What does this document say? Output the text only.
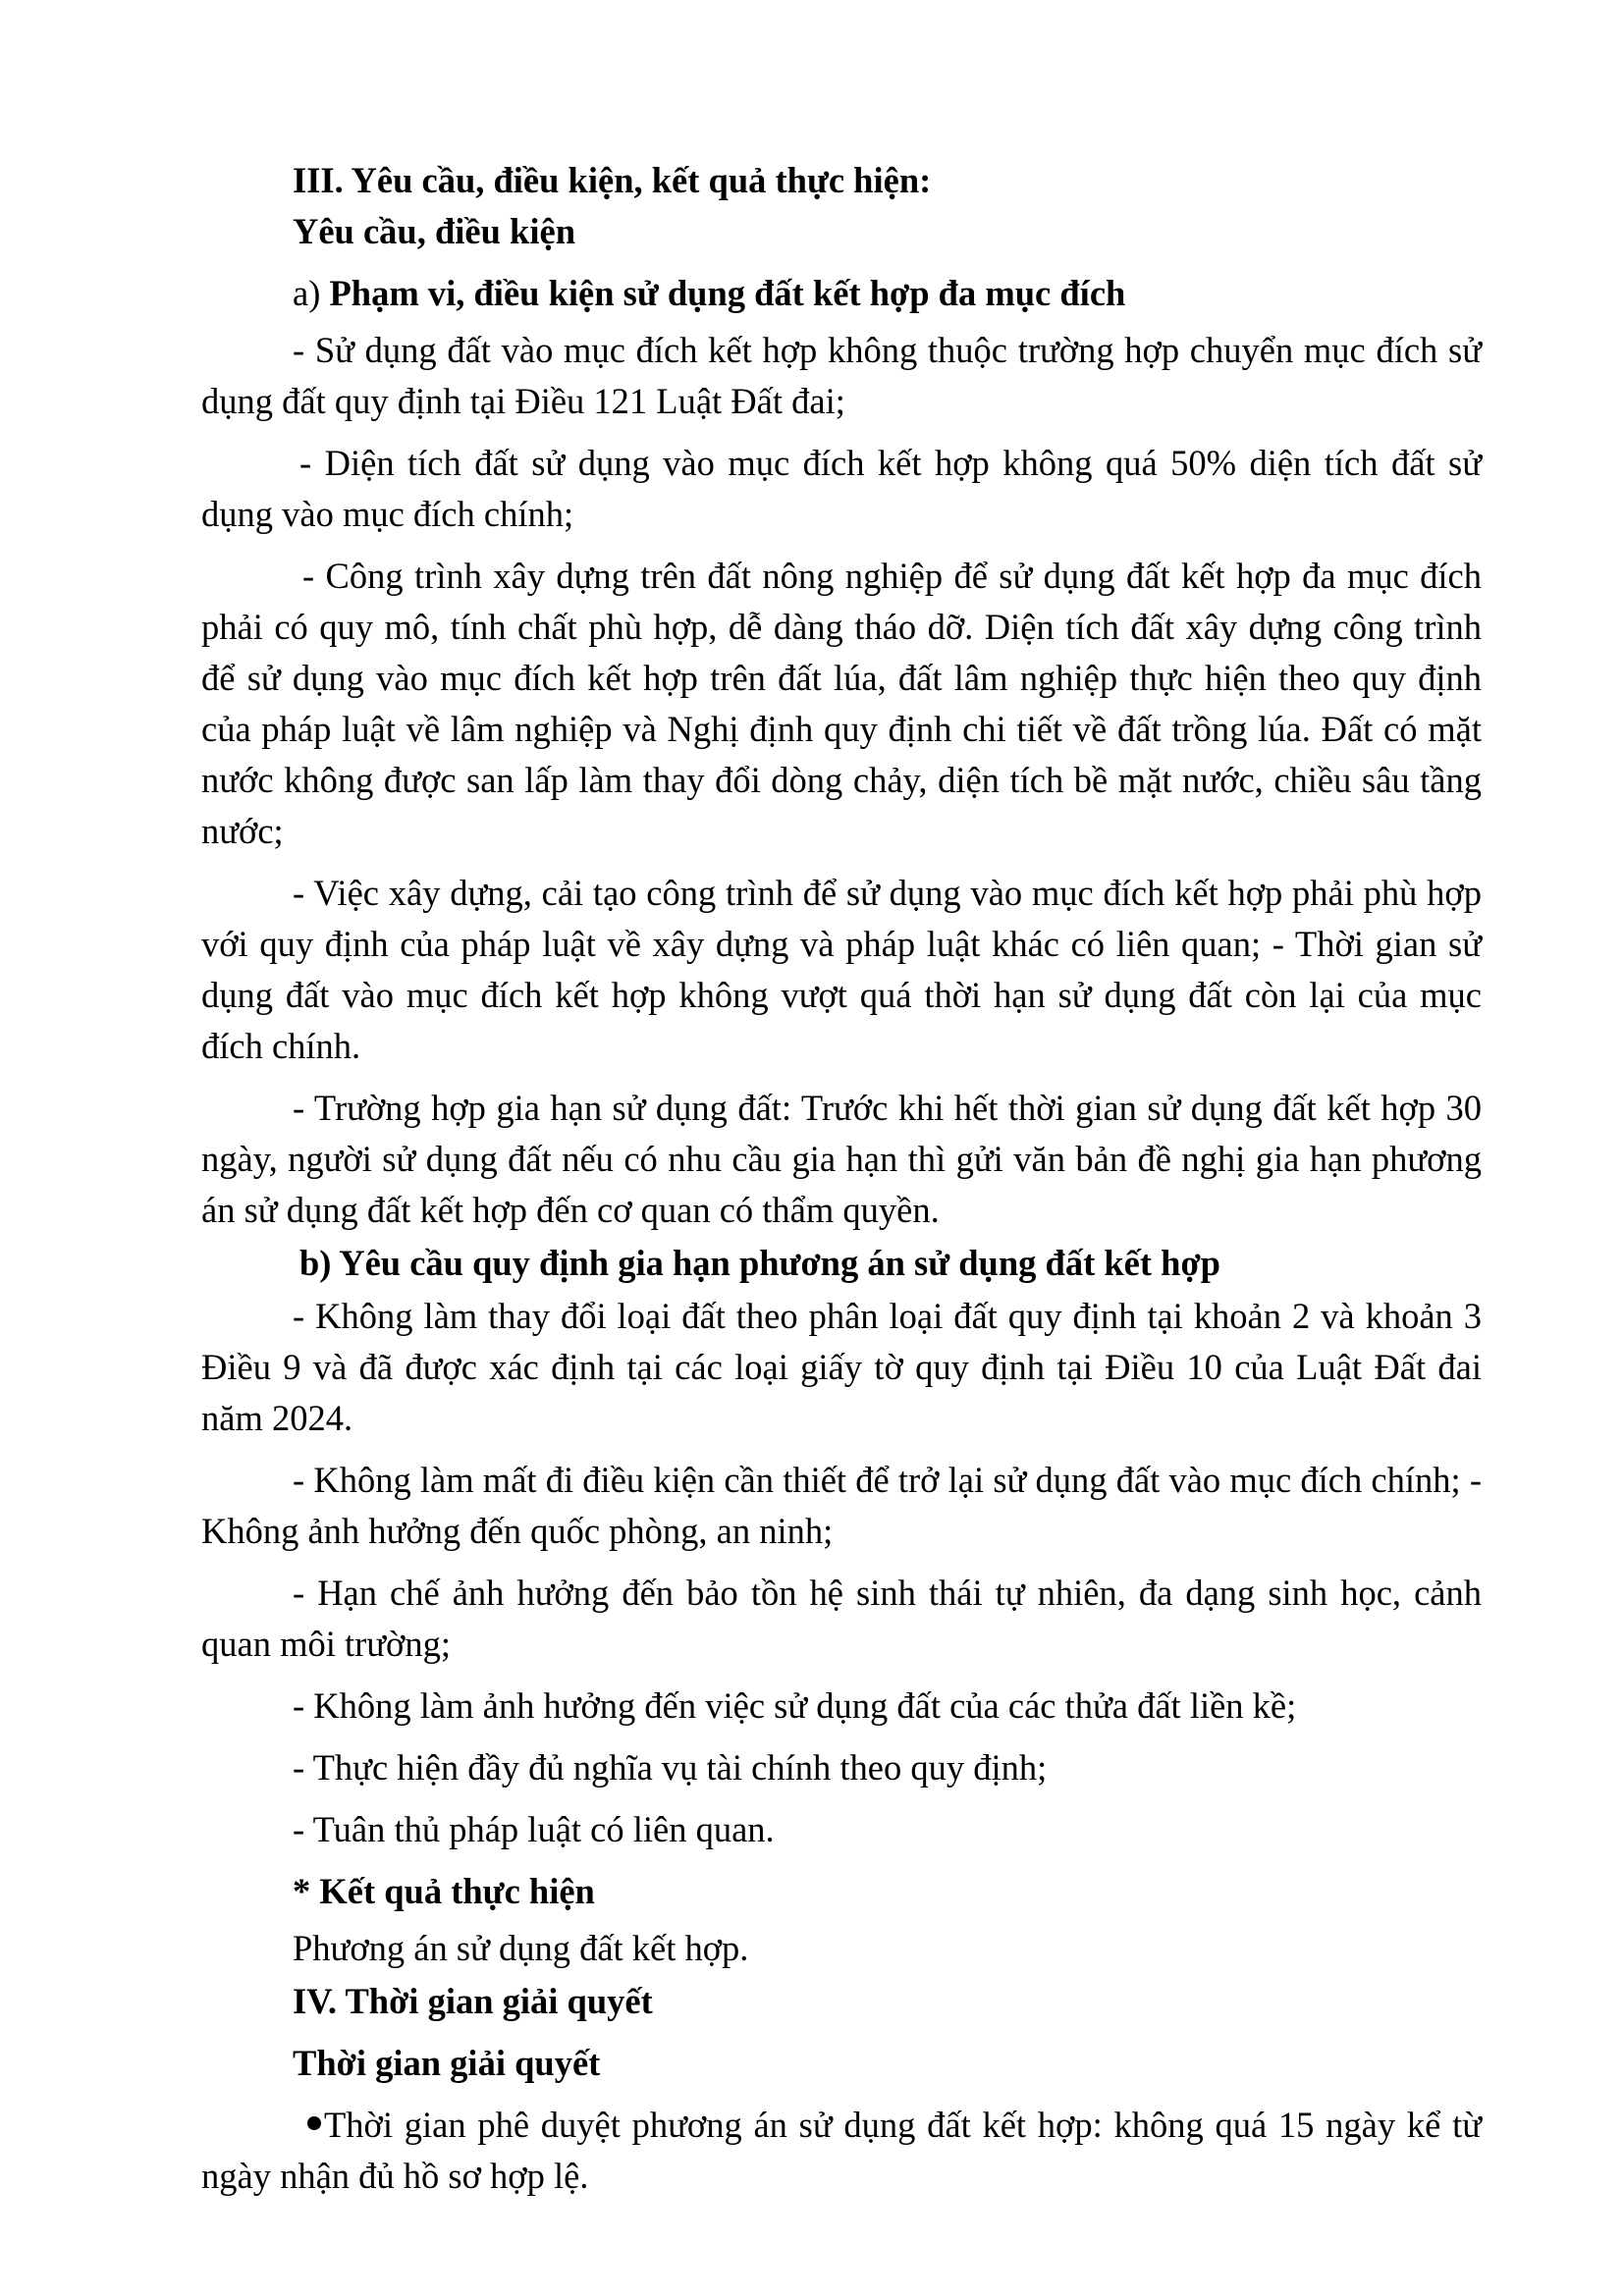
III. Yêu cầu, điều kiện, kết quả thực hiện:

Yêu cầu, điều kiện

a) Phạm vi, điều kiện sử dụng đất kết hợp đa mục đích

- Sử dụng đất vào mục đích kết hợp không thuộc trường hợp chuyển mục đích sử dụng đất quy định tại Điều 121 Luật Đất đai;

- Diện tích đất sử dụng vào mục đích kết hợp không quá 50% diện tích đất sử dụng vào mục đích chính;

- Công trình xây dựng trên đất nông nghiệp để sử dụng đất kết hợp đa mục đích phải có quy mô, tính chất phù hợp, dễ dàng tháo dỡ. Diện tích đất xây dựng công trình để sử dụng vào mục đích kết hợp trên đất lúa, đất lâm nghiệp thực hiện theo quy định của pháp luật về lâm nghiệp và Nghị định quy định chi tiết về đất trồng lúa. Đất có mặt nước không được san lấp làm thay đổi dòng chảy, diện tích bề mặt nước, chiều sâu tầng nước;

- Việc xây dựng, cải tạo công trình để sử dụng vào mục đích kết hợp phải phù hợp với quy định của pháp luật về xây dựng và pháp luật khác có liên quan; - Thời gian sử dụng đất vào mục đích kết hợp không vượt quá thời hạn sử dụng đất còn lại của mục đích chính.

- Trường hợp gia hạn sử dụng đất: Trước khi hết thời gian sử dụng đất kết hợp 30 ngày, người sử dụng đất nếu có nhu cầu gia hạn thì gửi văn bản đề nghị gia hạn phương án sử dụng đất kết hợp đến cơ quan có thẩm quyền.

b) Yêu cầu quy định gia hạn phương án sử dụng đất kết hợp

- Không làm thay đổi loại đất theo phân loại đất quy định tại khoản 2 và khoản 3 Điều 9 và đã được xác định tại các loại giấy tờ quy định tại Điều 10 của Luật Đất đai năm 2024.

- Không làm mất đi điều kiện cần thiết để trở lại sử dụng đất vào mục đích chính; - Không ảnh hưởng đến quốc phòng, an ninh;

- Hạn chế ảnh hưởng đến bảo tồn hệ sinh thái tự nhiên, đa dạng sinh học, cảnh quan môi trường;

- Không làm ảnh hưởng đến việc sử dụng đất của các thửa đất liền kề;

- Thực hiện đầy đủ nghĩa vụ tài chính theo quy định;

- Tuân thủ pháp luật có liên quan.

* Kết quả thực hiện

Phương án sử dụng đất kết hợp.

IV. Thời gian giải quyết

Thời gian giải quyết

Thời gian phê duyệt phương án sử dụng đất kết hợp: không quá 15 ngày kể từ ngày nhận đủ hồ sơ hợp lệ.
